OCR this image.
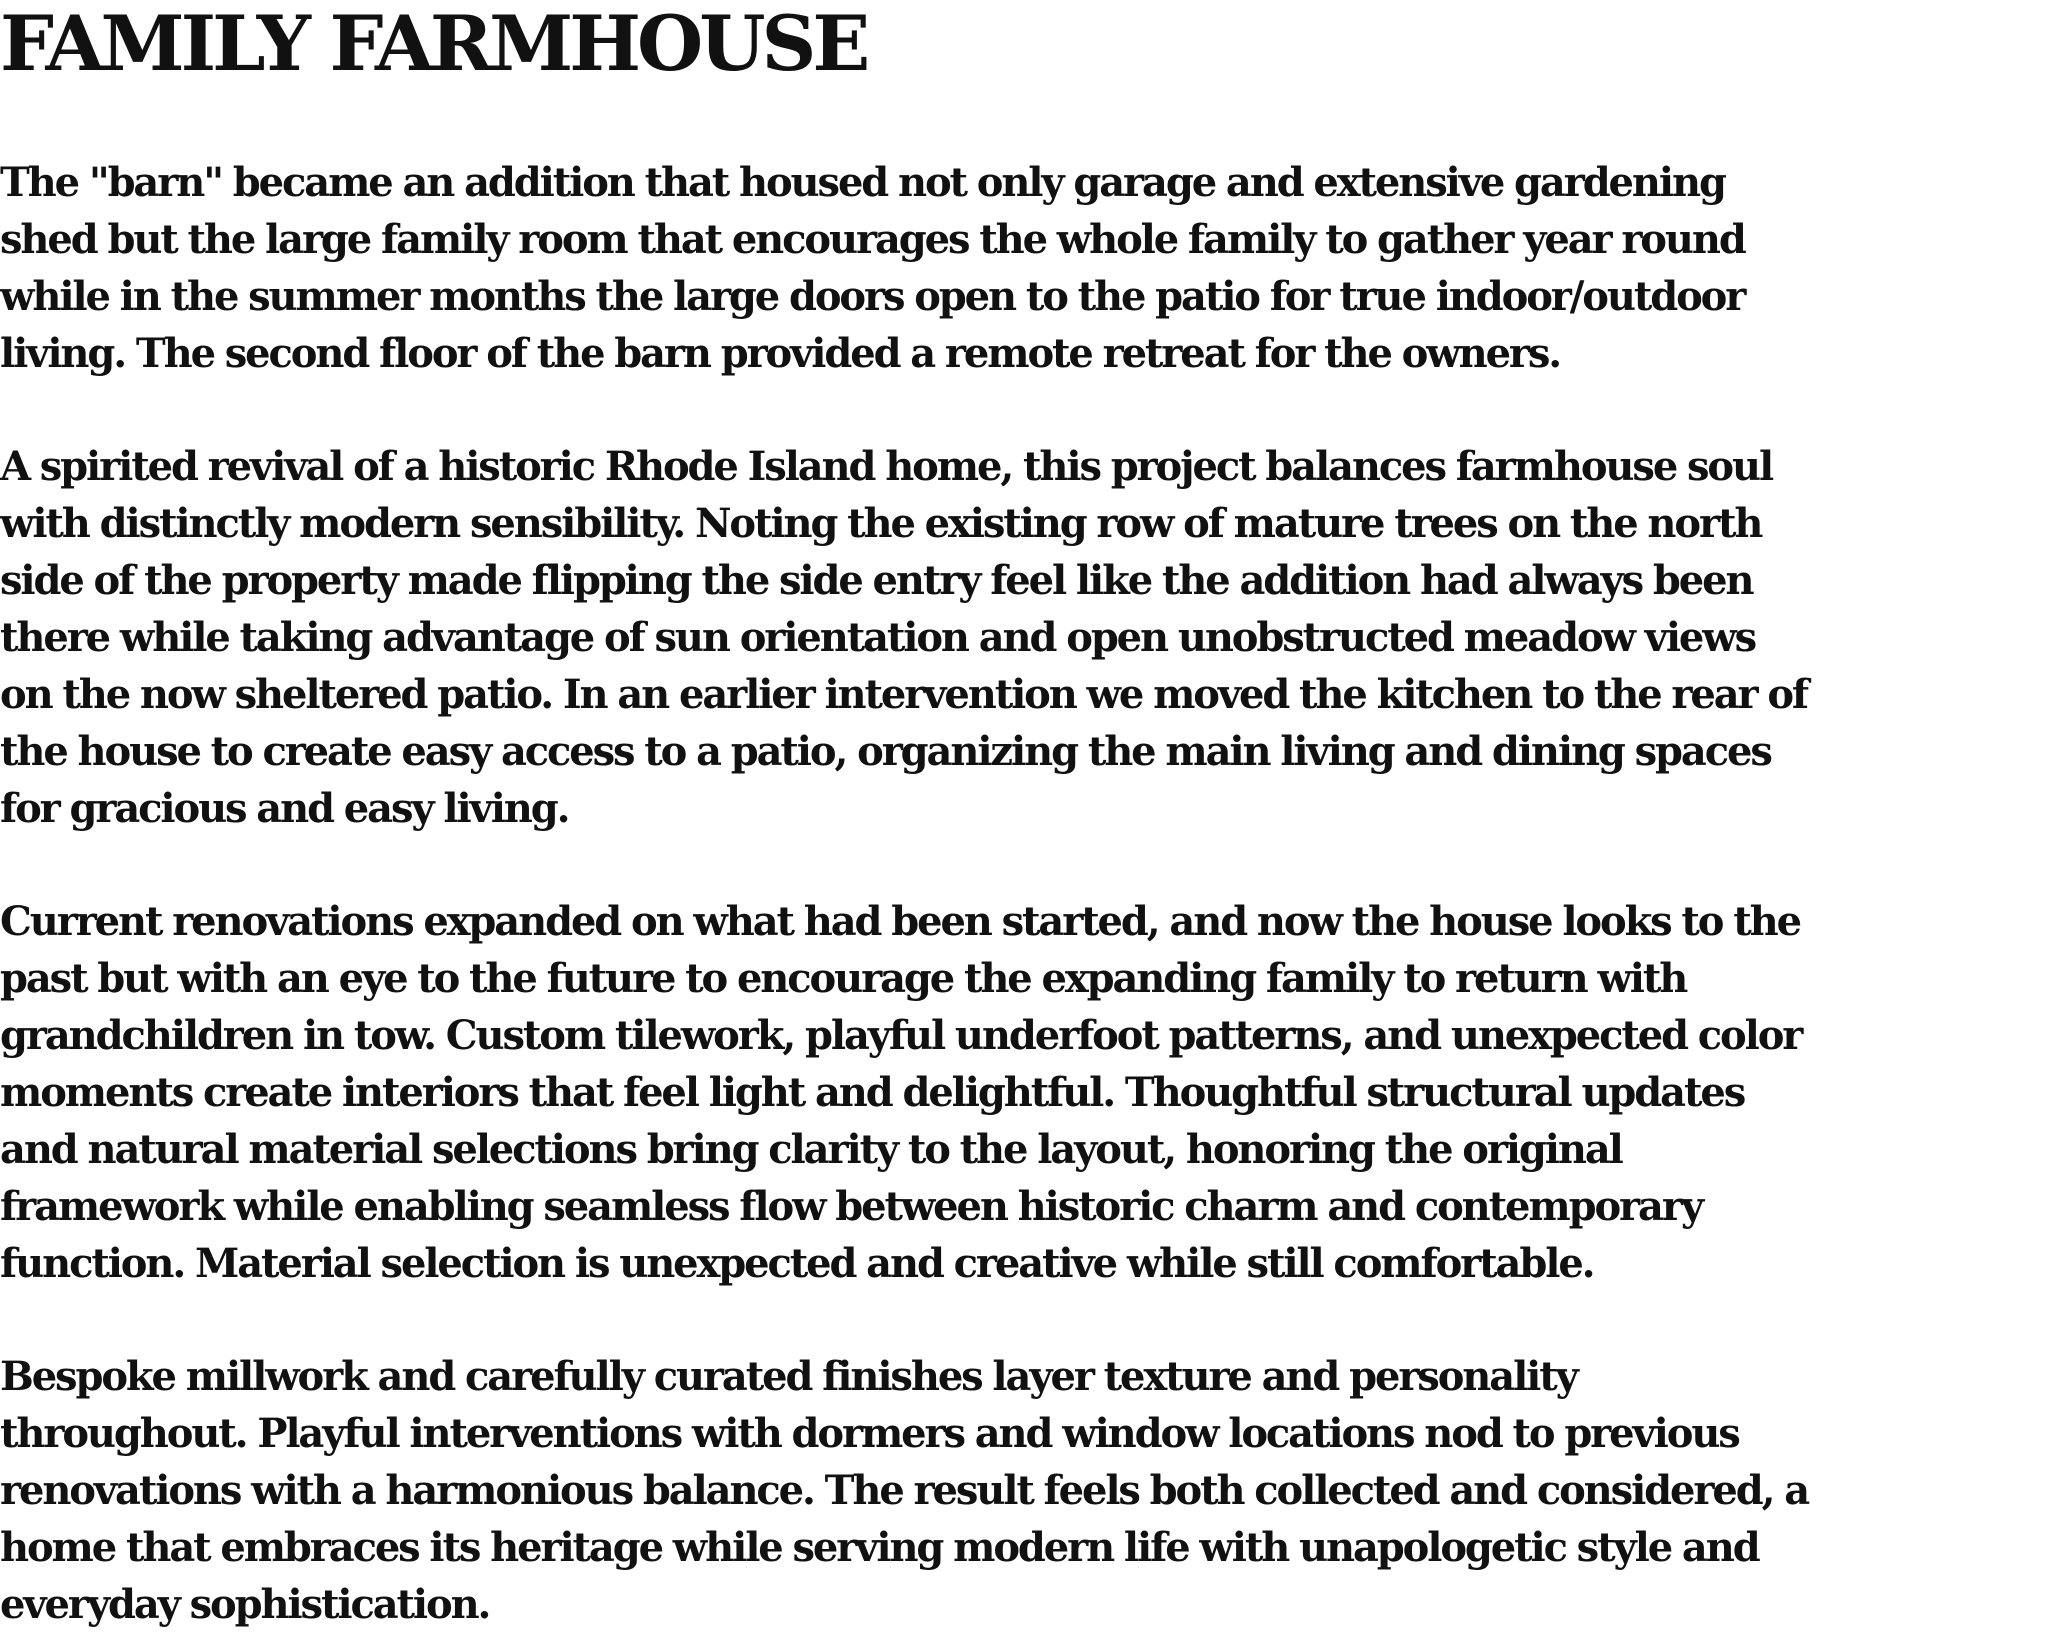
FAMILY FARMHOUSE

The "barn" became an addition that housed not only garage and extensive gardening shed but the large family room that encourages the whole family to gather year round while in the summer months the large doors open to the patio for true indoor/outdoor living. The second floor of the barn provided a remote retreat for the owners.

A spirited revival of a historic Rhode Island home, this project balances farmhouse soul with distinctly modern sensibility. Noting the existing row of mature trees on the north side of the property made flipping the side entry feel like the addition had always been there while taking advantage of sun orientation and open unobstructed meadow views on the now sheltered patio. In an earlier intervention we moved the kitchen to the rear of the house to create easy access to a patio, organizing the main living and dining spaces for gracious and easy living.

Current renovations expanded on what had been started, and now the house looks to the past but with an eye to the future to encourage the expanding family to return with grandchildren in tow. Custom tilework, playful underfoot patterns, and unexpected color moments create interiors that feel light and delightful. Thoughtful structural updates and natural material selections bring clarity to the layout, honoring the original framework while enabling seamless flow between historic charm and contemporary function. Material selection is unexpected and creative while still comfortable.

Bespoke millwork and carefully curated finishes layer texture and personality throughout. Playful interventions with dormers and window locations nod to previous renovations with a harmonious balance. The result feels both collected and considered, a home that embraces its heritage while serving modern life with unapologetic style and everyday sophistication.
